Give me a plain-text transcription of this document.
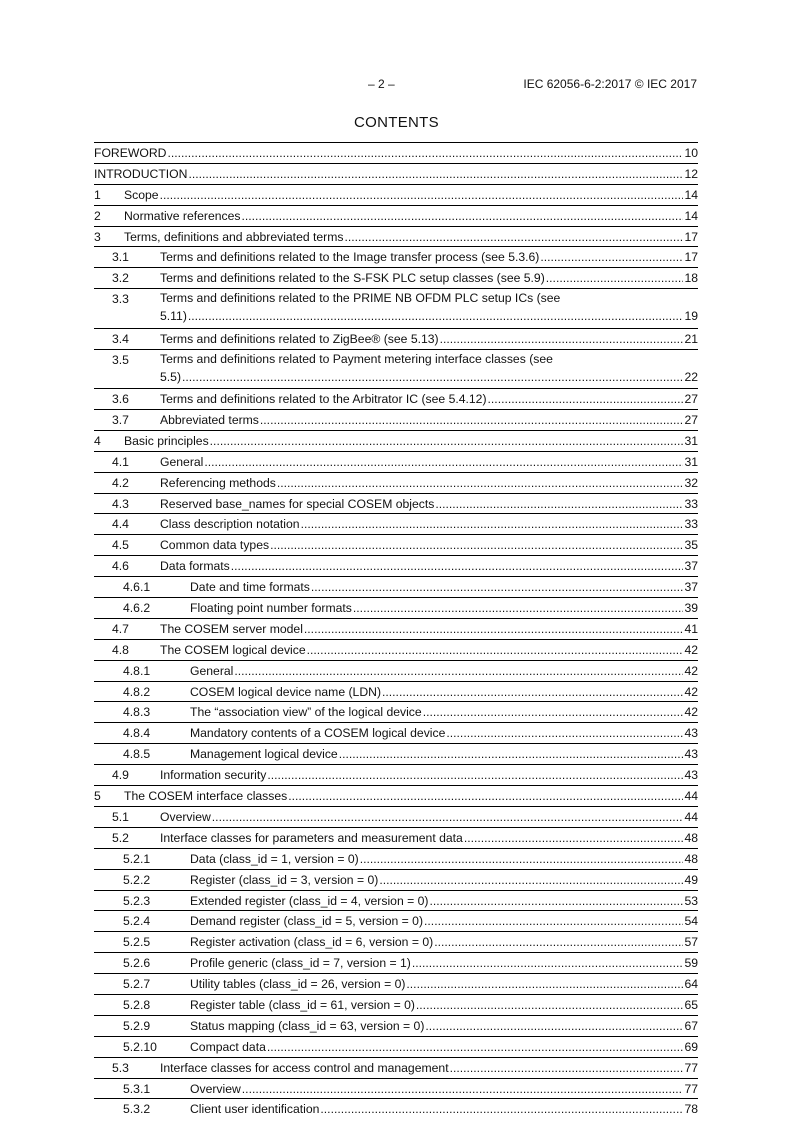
– 2 –	IEC 62056-6-2:2017 © IEC 2017
CONTENTS
FOREWORD .....	10
INTRODUCTION .....	12
1 Scope .....	14
2 Normative references .....	14
3 Terms, definitions and abbreviated terms .....	17
3.1	Terms and definitions related to the Image transfer process (see 5.3.6) .....	17
3.2	Terms and definitions related to the S-FSK PLC setup classes (see 5.9) .....	18
3.3	Terms and definitions related to the PRIME NB OFDM PLC setup ICs (see
5.11) .....	19
3.4	Terms and definitions related to ZigBee® (see 5.13) .....	21
3.5	Terms and definitions related to Payment metering interface classes (see
5.5) .....	22
3.6	Terms and definitions related to the Arbitrator IC (see 5.4.12) .....	27
3.7	Abbreviated terms .....	27
4 Basic principles .....	31
4.1	General .....	31
4.2	Referencing methods .....	32
4.3	Reserved base_names for special COSEM objects .....	33
4.4	Class description notation .....	33
4.5	Common data types .....	35
4.6	Data formats .....	37
4.6.1	Date and time formats .....	37
4.6.2	Floating point number formats .....	39
4.7	The COSEM server model .....	41
4.8	The COSEM logical device .....	42
4.8.1	General .....	42
4.8.2	COSEM logical device name (LDN) .....	42
4.8.3	The “association view” of the logical device .....	42
4.8.4	Mandatory contents of a COSEM logical device .....	43
4.8.5	Management logical device .....	43
4.9	Information security .....	43
5 The COSEM interface classes .....	44
5.1	Overview .....	44
5.2	Interface classes for parameters and measurement data .....	48
5.2.1	Data (class_id = 1, version = 0) .....	48
5.2.2	Register (class_id = 3, version = 0) .....	49
5.2.3	Extended register (class_id = 4, version = 0) .....	53
5.2.4	Demand register (class_id = 5, version = 0) .....	54
5.2.5	Register activation (class_id = 6, version = 0) .....	57
5.2.6	Profile generic (class_id = 7, version = 1) .....	59
5.2.7	Utility tables (class_id = 26, version = 0) .....	64
5.2.8	Register table (class_id = 61, version = 0) .....	65
5.2.9	Status mapping (class_id = 63, version = 0) .....	67
5.2.10	Compact data .....	69
5.3	Interface classes for access control and management .....	77
5.3.1	Overview .....	77
5.3.2	Client user identification .....	78
